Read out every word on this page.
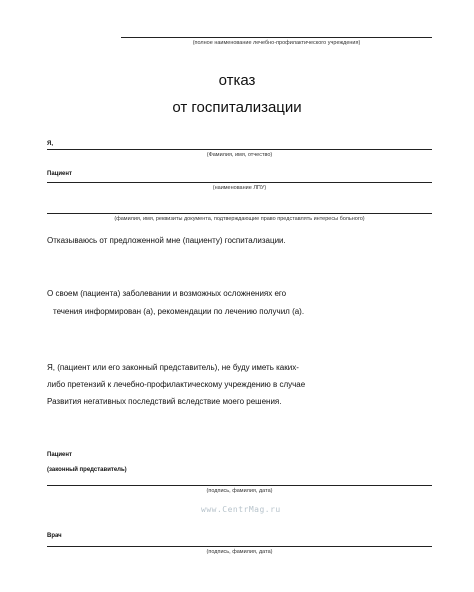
(полное наименование лечебно-профилактического учреждения)
отказ
от госпитализации
Я,
(Фамилия, имя, отчество)
Пациент
(наименование ЛПУ)
(фамилия, имя, реквизиты документа, подтверждающие право представлять интересы больного)
Отказываюсь от предложенной мне (пациенту) госпитализации.
О своем (пациента) заболевании и возможных осложнениях его
течения информирован (а), рекомендации по лечению получил (а).
Я, (пациент или его законный представитель), не буду иметь каких-
либо претензий к лечебно-профилактическому учреждению в случае
Развития негативных последствий вследствие моего решения.
Пациент
(законный представитель)
(подпись, фамилия, дата)
www.CentrMag.ru
Врач
(подпись, фамилия, дата)
